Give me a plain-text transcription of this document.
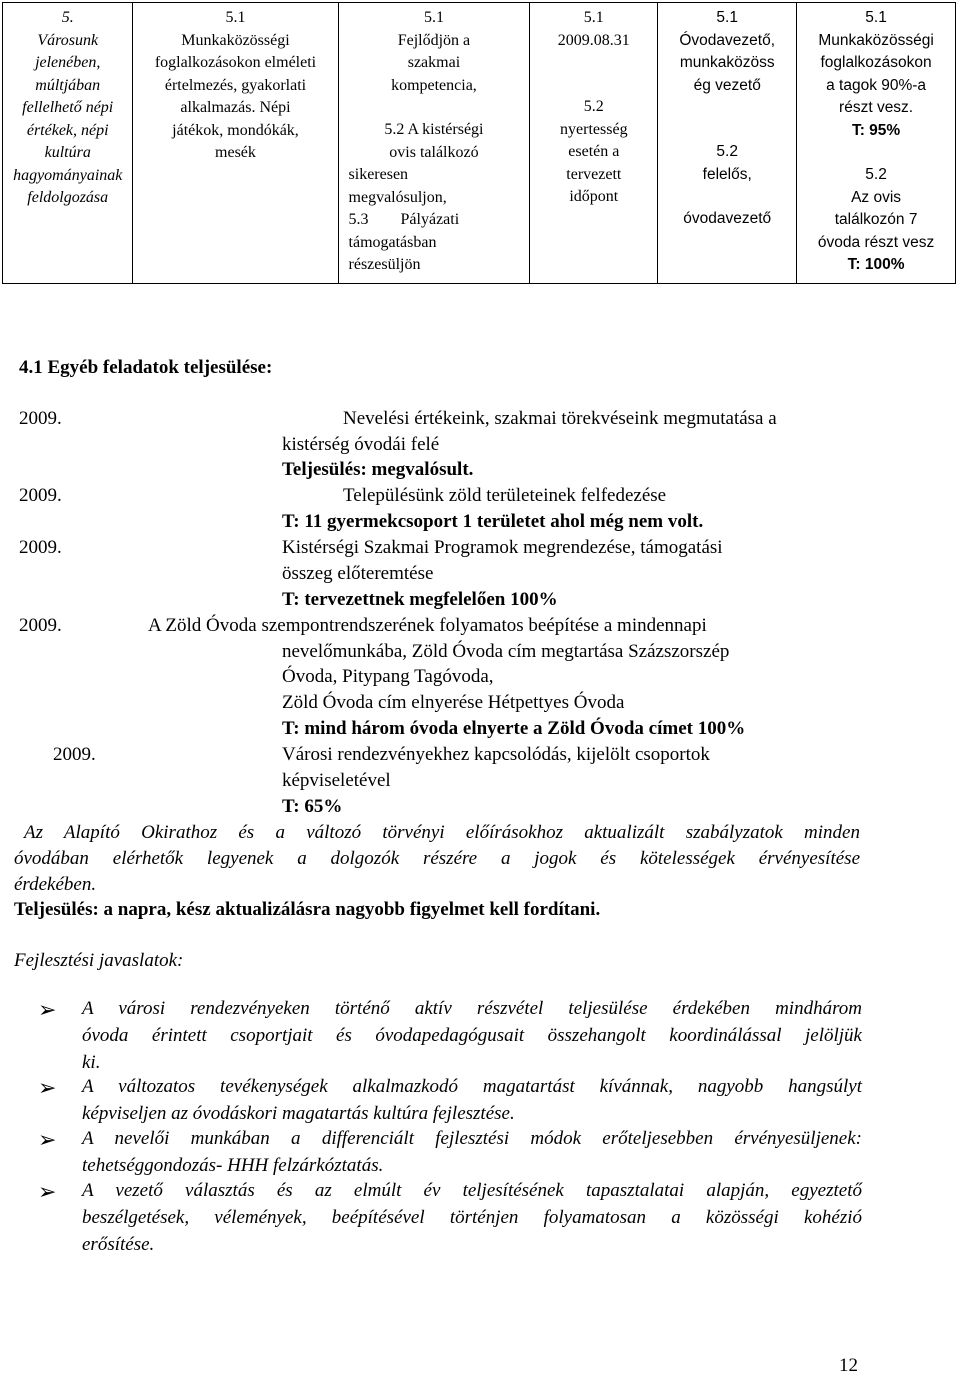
5.
Városunk
jelenében,
múltjában
fellelhető népi
értékek, népi
kultúra
hagyományainak
feldolgozása

5.1
Munkaközösségi
foglalkozásokon elméleti
értelmezés, gyakorlati
alkalmazás. Népi
játékok, mondókák,
mesék

5.1
Fejlődjön a
szakmai
kompetencia,
5.2 A kistérségi
ovis találkozó
sikeresen
megvalósuljon,
5.3 Pályázati
támogatásban
részesüljön

5.1
2009.08.31
5.2
nyertesség
esetén a
tervezett
időpont

5.1
Óvodavezető,
munkaközöss
ég vezető
5.2
felelős,
óvodavezető

5.1
Munkaközösségi
foglalkozásokon
a tagok 90%-a
részt vesz.
T: 95%
5.2
Az ovis
találkozón 7
óvoda részt vesz
T: 100%
4.1 Egyéb feladatok teljesülése:
2009.	Nevelési értékeink, szakmai törekvéseink megmutatása a
kistérség óvodái felé
Teljesülés: megvalósult.
2009.	Településünk zöld területeinek felfedezése
T: 11 gyermekcsoport 1 területet ahol még nem volt.
2009.	Kistérségi Szakmai Programok megrendezése, támogatási
összeg előteremtése
T: tervezettnek megfelelően 100%
2009.	A Zöld Óvoda szempontrendszerének folyamatos beépítése a mindennapi
nevelőmunkába, Zöld Óvoda cím megtartása Százszorszép
Óvoda, Pitypang Tagóvoda,
Zöld Óvoda cím elnyerése Hétpettyes Óvoda
T: mind három óvoda elnyerte a Zöld Óvoda címet 100%
2009.	Városi rendezvényekhez kapcsolódás, kijelölt csoportok
képviseletével
T: 65%
Az Alapító Okirathoz és a változó törvényi előírásokhoz aktualizált szabályzatok minden
óvodában elérhetők legyenek a dolgozók részére a jogok és kötelességek érvényesítése
érdekében.
Teljesülés: a napra, kész aktualizálásra nagyobb figyelmet kell fordítani.
Fejlesztési javaslatok:
➢ A városi rendezvényeken történő aktív részvétel teljesülése érdekében mindhárom
óvoda érintett csoportjait és óvodapedagógusait összehangolt koordinálással jelöljük
ki.
➢ A változatos tevékenységek alkalmazkodó magatartást kívánnak, nagyobb hangsúlyt
képviseljen az óvodáskori magatartás kultúra fejlesztése.
➢ A nevelői munkában a differenciált fejlesztési módok erőteljesebben érvényesüljenek:
tehetséggondozás- HHH felzárkóztatás.
➢ A vezető választás és az elmúlt év teljesítésének tapasztalatai alapján, egyeztető
beszélgetések, vélemények, beépítésével történjen folyamatosan a közösségi kohézió
erősítése.
12
